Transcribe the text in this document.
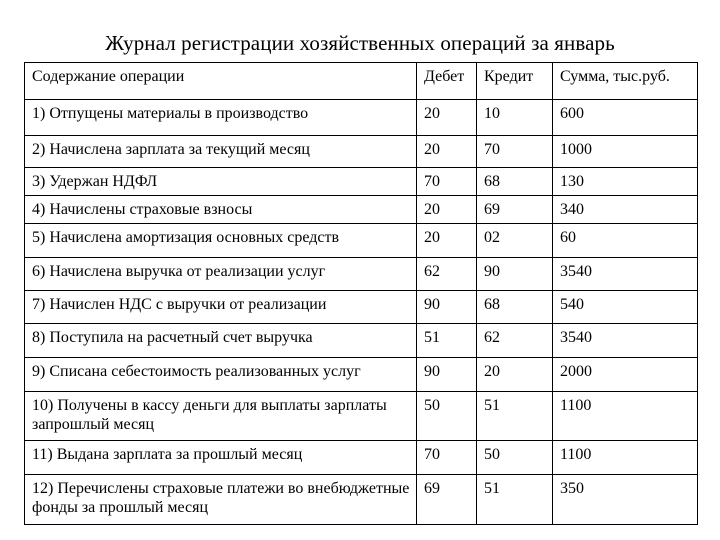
Журнал регистрации хозяйственных операций за январь
Содержание операции	Дебет	Кредит	Сумма, тыс.руб.
1) Отпущены материалы в производство	20	10	600
2) Начислена зарплата за текущий месяц	20	70	1000
3) Удержан НДФЛ	70	68	130
4) Начислены страховые взносы	20	69	340
5) Начислена амортизация основных средств	20	02	60
6) Начислена выручка от реализации услуг	62	90	3540
7) Начислен НДС с выручки от реализации	90	68	540
8) Поступила на расчетный счет выручка	51	62	3540
9) Списана себестоимость реализованных услуг	90	20	2000
10) Получены в кассу деньги для выплаты зарплаты запрошлый месяц	50	51	1100
11) Выдана зарплата за прошлый месяц	70	50	1100
12) Перечислены страховые платежи во внебюджетные фонды за прошлый месяц	69	51	350
